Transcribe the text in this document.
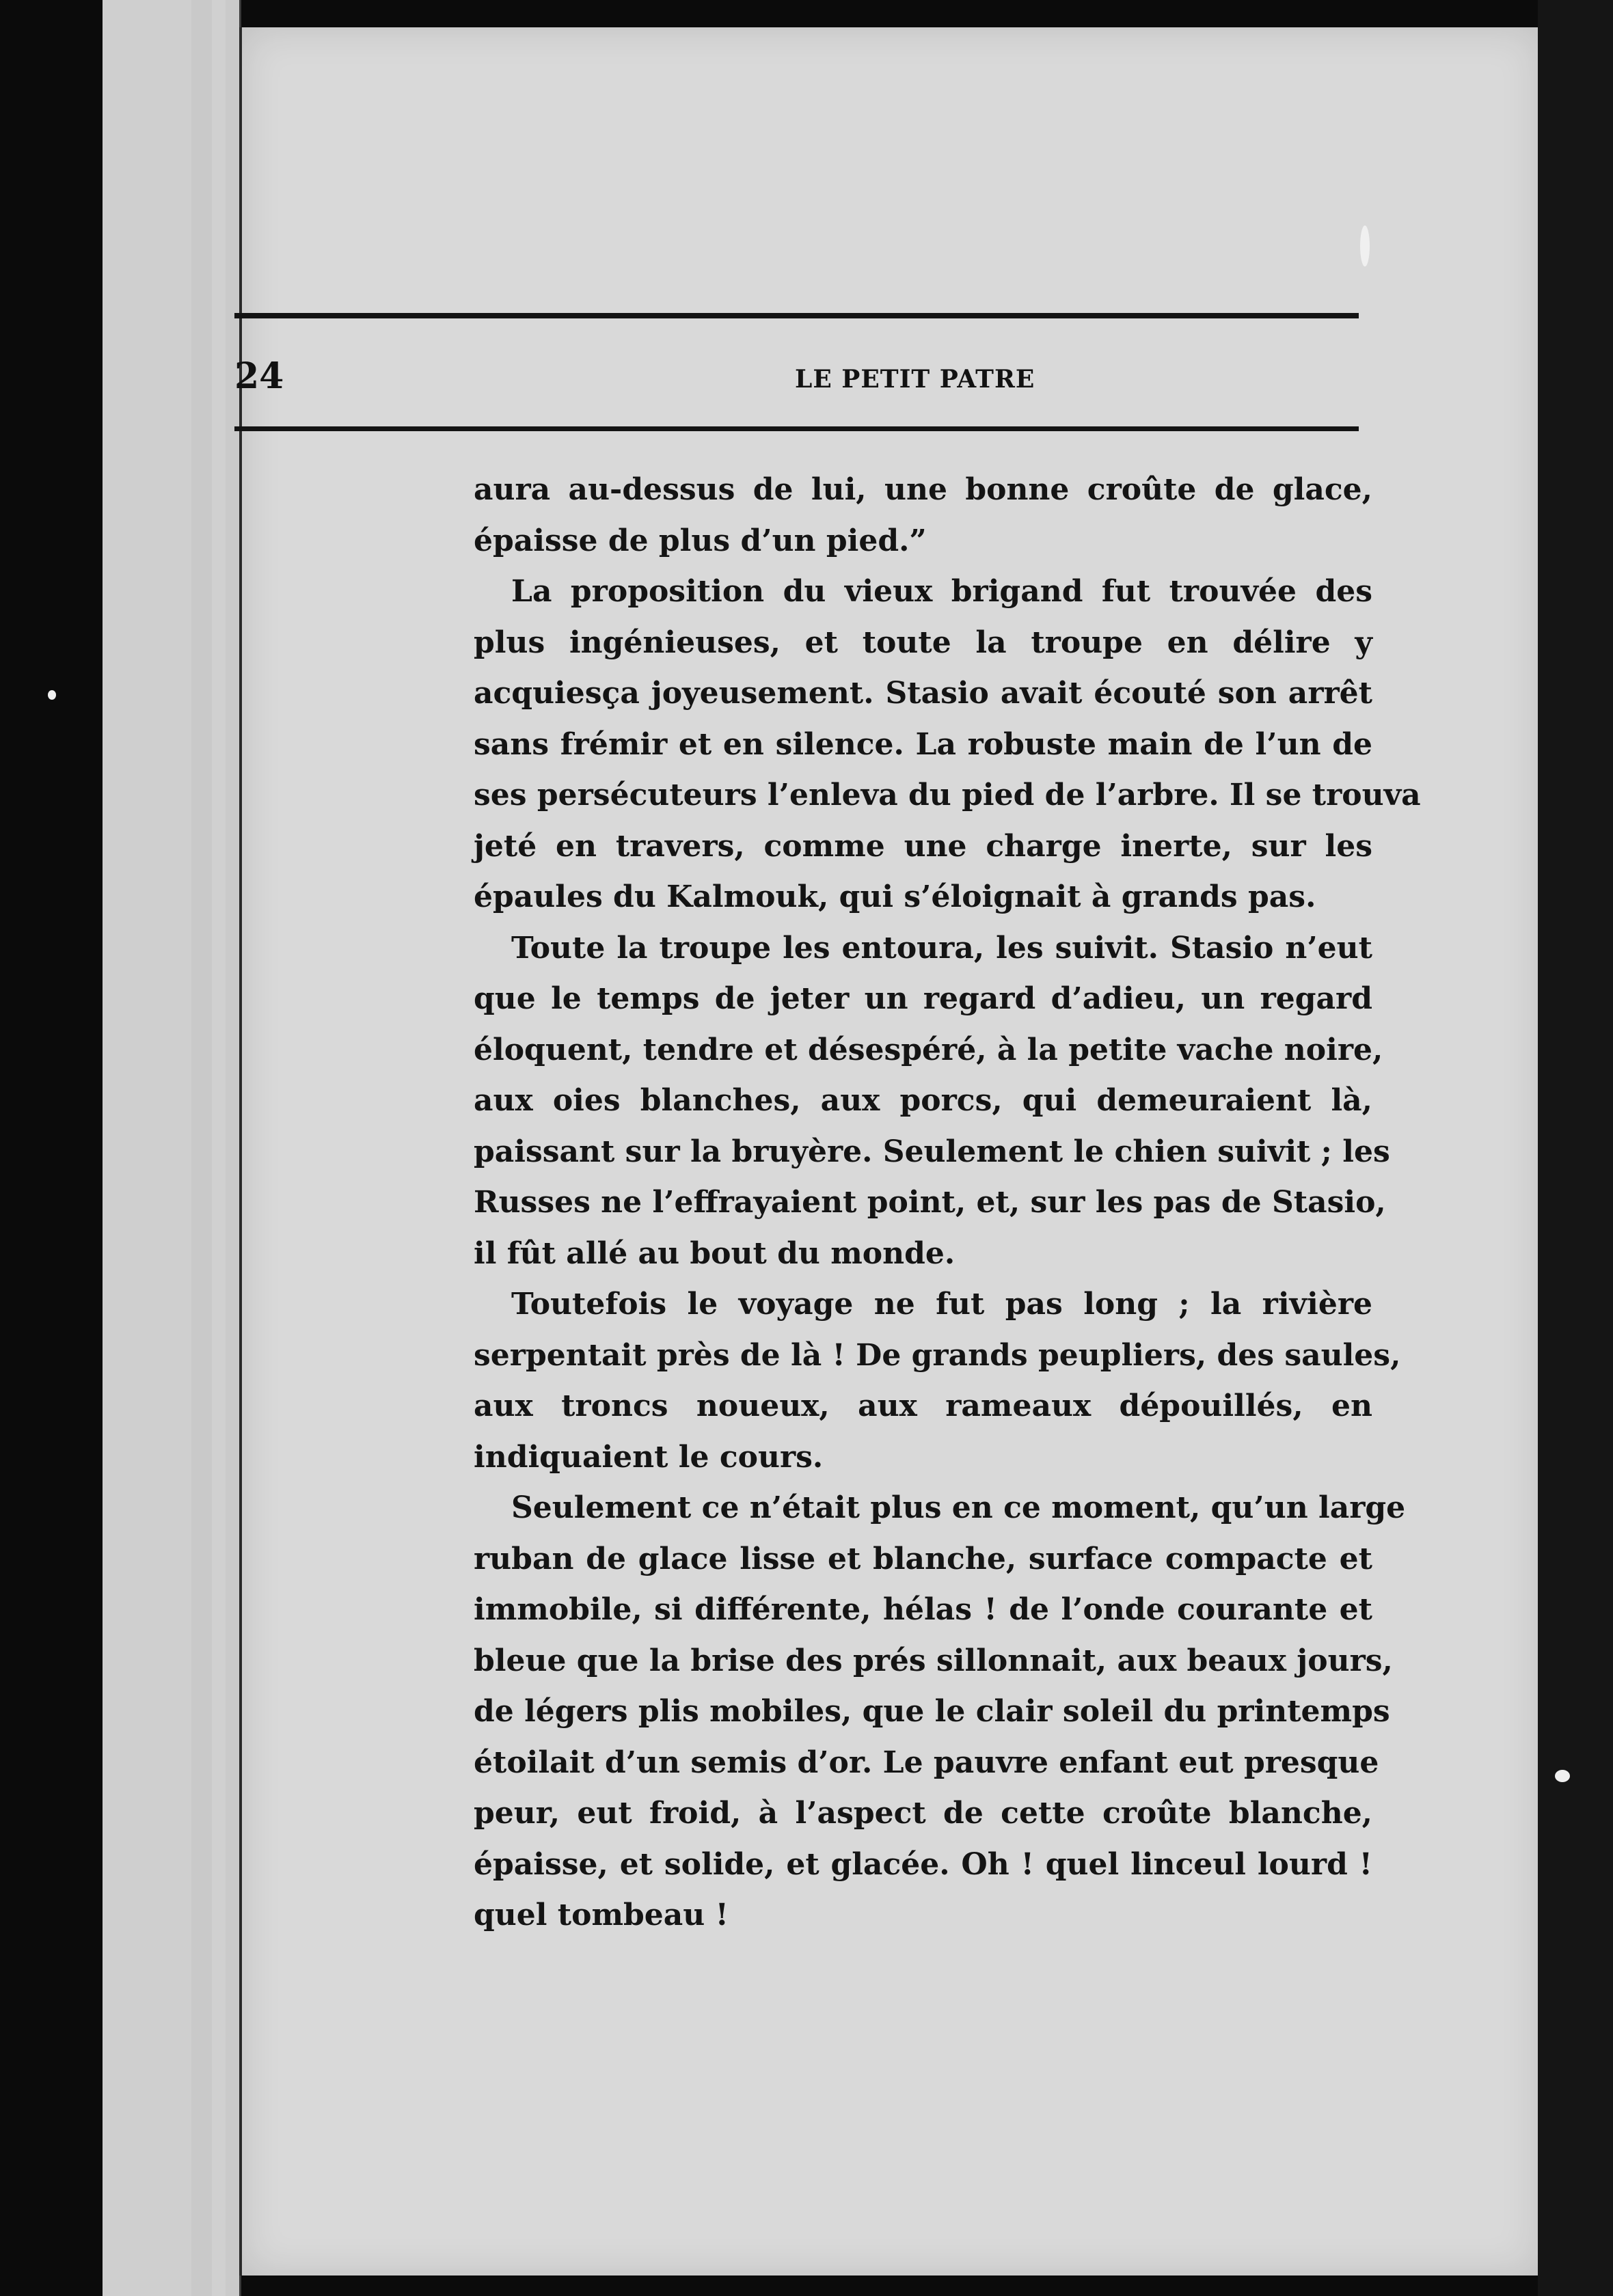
24	LE PETIT PATRE
aura au-dessus de lui, une bonne croûte de glace,
épaisse de plus d’un pied.”
La proposition du vieux brigand fut trouvée des
plus ingénieuses, et toute la troupe en délire y
acquiesça joyeusement. Stasio avait écouté son arrêt
sans frémir et en silence. La robuste main de l’un de
ses persécuteurs l’enleva du pied de l’arbre. Il se trouva
jeté en travers, comme une charge inerte, sur les
épaules du Kalmouk, qui s’éloignait à grands pas.
Toute la troupe les entoura, les suivit. Stasio n’eut
que le temps de jeter un regard d’adieu, un regard
éloquent, tendre et désespéré, à la petite vache noire,
aux oies blanches, aux porcs, qui demeuraient là,
paissant sur la bruyère. Seulement le chien suivit ; les
Russes ne l’effrayaient point, et, sur les pas de Stasio,
il fût allé au bout du monde.
Toutefois le voyage ne fut pas long ; la rivière
serpentait près de là ! De grands peupliers, des saules,
aux troncs noueux, aux rameaux dépouillés, en
indiquaient le cours.
Seulement ce n’était plus en ce moment, qu’un large
ruban de glace lisse et blanche, surface compacte et
immobile, si différente, hélas ! de l’onde courante et
bleue que la brise des prés sillonnait, aux beaux jours,
de légers plis mobiles, que le clair soleil du printemps
étoilait d’un semis d’or. Le pauvre enfant eut presque
peur, eut froid, à l’aspect de cette croûte blanche,
épaisse, et solide, et glacée. Oh ! quel linceul lourd !
quel tombeau !
